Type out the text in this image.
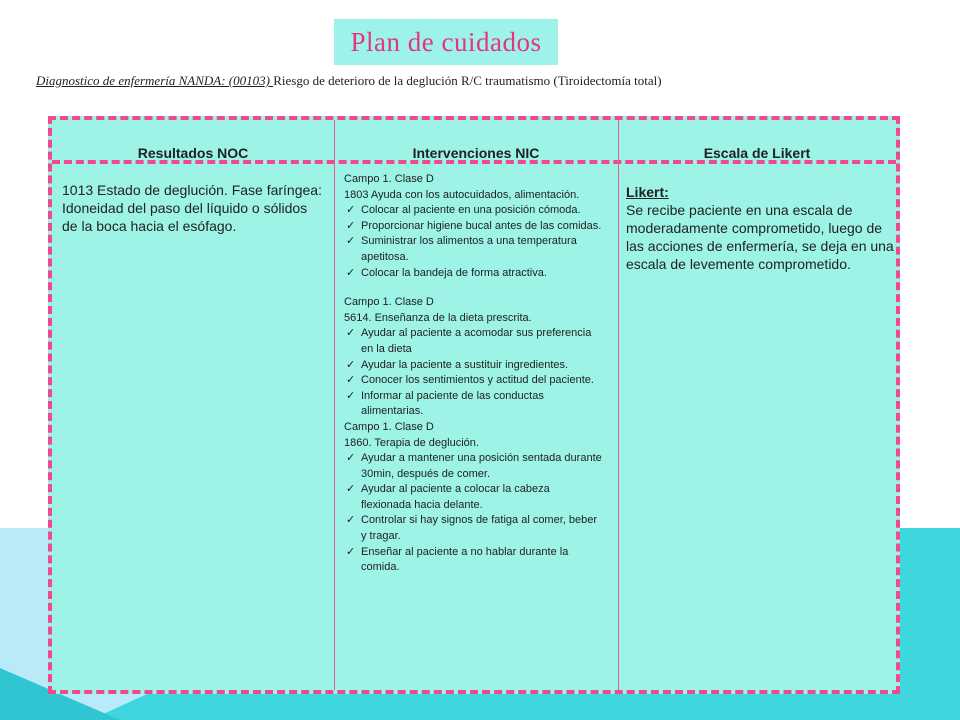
Plan de cuidados
Diagnostico de enfermería NANDA: (00103) Riesgo de deterioro de la deglución R/C traumatismo (Tiroidectomía total)
Resultados NOC	Intervenciones NIC	Escala de Likert
1013 Estado de deglución. Fase faríngea: Idoneidad del paso del líquido o sólidos de la boca hacia el esófago.

Campo 1. Clase D

1803 Ayuda con los autocuidados, alimentación.

✓ Colocar al paciente en una posición cómoda.
✓ Proporcionar higiene bucal antes de las comidas.
✓ Suministrar los alimentos a una temperatura apetitosa.
✓ Colocar la bandeja de forma atractiva.

Campo 1. Clase D

5614. Enseñanza de la dieta prescrita.

✓ Ayudar al paciente a acomodar sus preferencia en la dieta
✓ Ayudar la paciente a sustituir ingredientes.
✓ Conocer los sentimientos y actitud del paciente.
✓ Informar al paciente de las conductas alimentarias.

Campo 1. Clase D

1860. Terapia de deglución.

✓ Ayudar a mantener una posición sentada durante 30min, después de comer.
✓ Ayudar al paciente a colocar la cabeza flexionada hacia delante.
✓ Controlar si hay signos de fatiga al comer, beber y tragar.
✓ Enseñar al paciente a no hablar durante la comida.
Likert:
Se recibe paciente en una escala de moderadamente comprometido, luego de las acciones de enfermería, se deja en una escala de levemente comprometido.
